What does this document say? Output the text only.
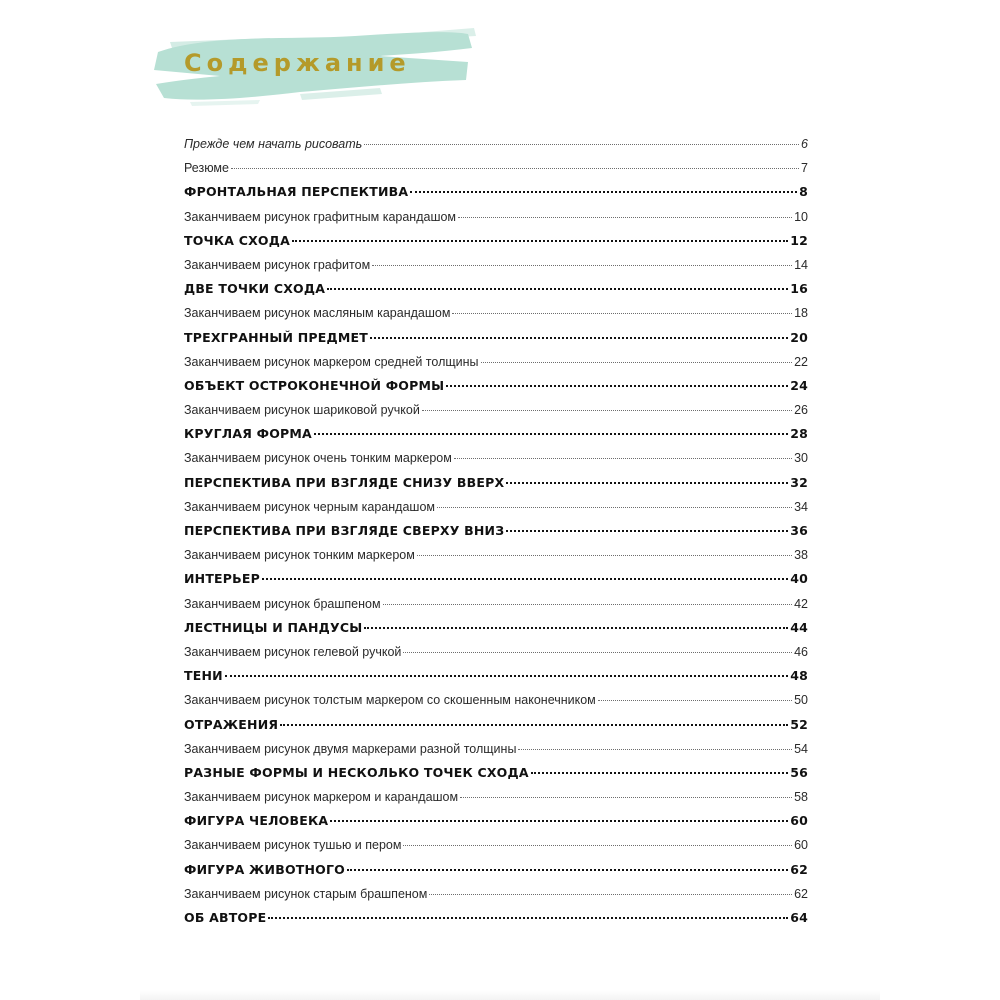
Содержание
Прежде чем начать рисовать	6
Резюме	7
ФРОНТАЛЬНАЯ ПЕРСПЕКТИВА	8
Заканчиваем рисунок графитным карандашом	10
ТОЧКА СХОДА	12
Заканчиваем рисунок графитом	14
ДВЕ ТОЧКИ СХОДА	16
Заканчиваем рисунок масляным карандашом	18
ТРЕХГРАННЫЙ ПРЕДМЕТ	20
Заканчиваем рисунок маркером средней толщины	22
ОБЪЕКТ ОСТРОКОНЕЧНОЙ ФОРМЫ	24
Заканчиваем рисунок шариковой ручкой	26
КРУГЛАЯ ФОРМА	28
Заканчиваем рисунок очень тонким маркером	30
ПЕРСПЕКТИВА ПРИ ВЗГЛЯДЕ СНИЗУ ВВЕРХ	32
Заканчиваем рисунок черным карандашом	34
ПЕРСПЕКТИВА ПРИ ВЗГЛЯДЕ СВЕРХУ ВНИЗ	36
Заканчиваем рисунок тонким маркером	38
ИНТЕРЬЕР	40
Заканчиваем рисунок брашпеном	42
ЛЕСТНИЦЫ И ПАНДУСЫ	44
Заканчиваем рисунок гелевой ручкой	46
ТЕНИ	48
Заканчиваем рисунок толстым маркером со скошенным наконечником	50
ОТРАЖЕНИЯ	52
Заканчиваем рисунок двумя маркерами разной толщины	54
РАЗНЫЕ ФОРМЫ И НЕСКОЛЬКО ТОЧЕК СХОДА	56
Заканчиваем рисунок маркером и карандашом	58
ФИГУРА ЧЕЛОВЕКА	60
Заканчиваем рисунок тушью и пером	60
ФИГУРА ЖИВОТНОГО	62
Заканчиваем рисунок старым брашпеном	62
ОБ АВТОРЕ	64
